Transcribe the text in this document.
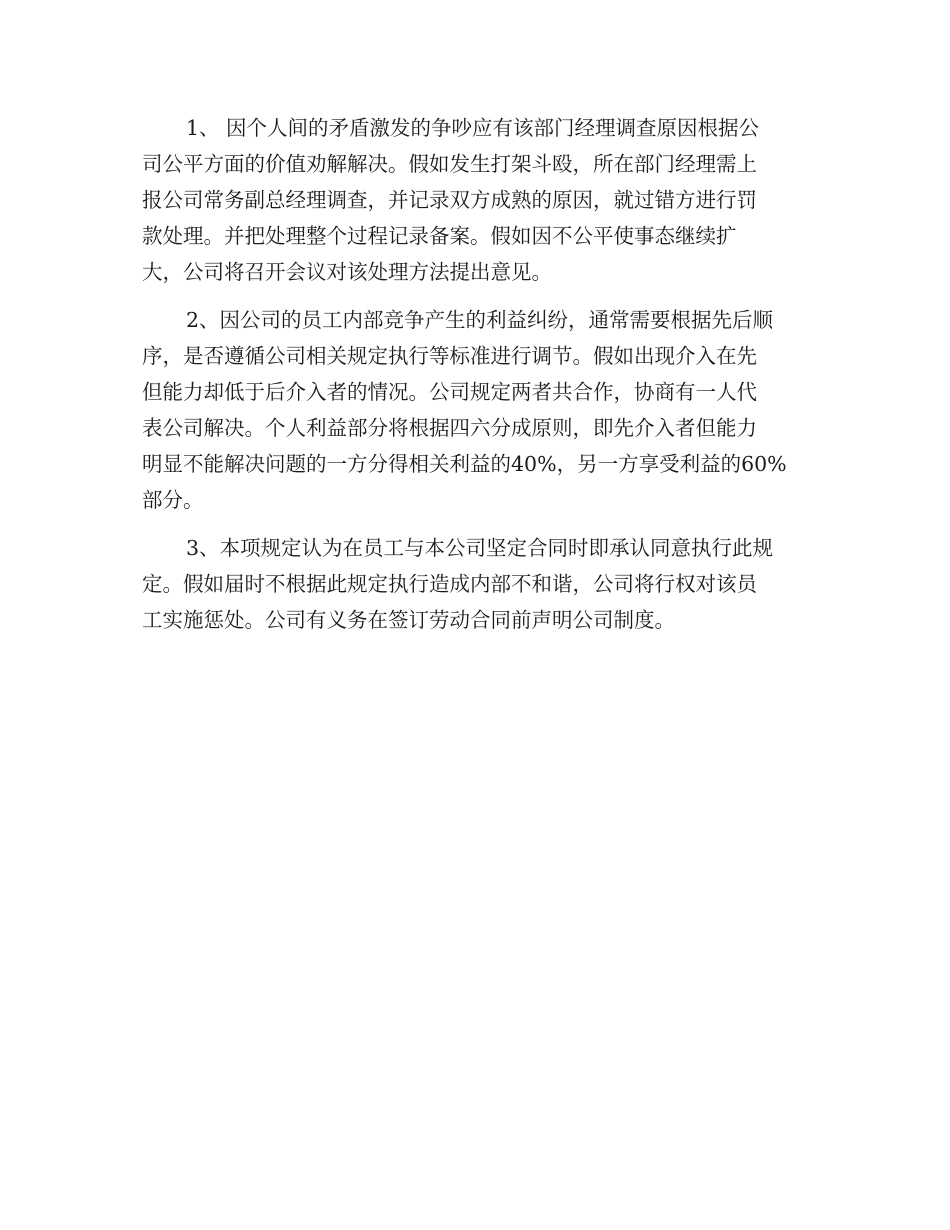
1、 因个人间的矛盾激发的争吵应有该部门经理调查原因根据公
司公平方面的价值劝解解决。假如发生打架斗殴，所在部门经理需上
报公司常务副总经理调查，并记录双方成熟的原因，就过错方进行罚
款处理。并把处理整个过程记录备案。假如因不公平使事态继续扩
大，公司将召开会议对该处理方法提出意见。
2、因公司的员工内部竞争产生的利益纠纷，通常需要根据先后顺
序，是否遵循公司相关规定执行等标准进行调节。假如出现介入在先
但能力却低于后介入者的情况。公司规定两者共合作，协商有一人代
表公司解决。个人利益部分将根据四六分成原则，即先介入者但能力
明显不能解决问题的一方分得相关利益的40%，另一方享受利益的60%
部分。
3、本项规定认为在员工与本公司坚定合同时即承认同意执行此规
定。假如届时不根据此规定执行造成内部不和谐，公司将行权对该员
工实施惩处。公司有义务在签订劳动合同前声明公司制度。
